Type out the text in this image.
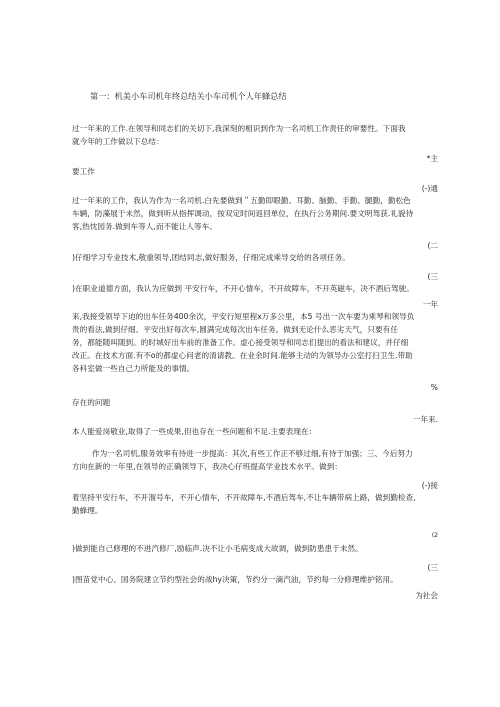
第一：机美小车司机年终总结关小车司机个人年蜂总结
过一年来的工作.在领导和同志们的关切下,我深刻的相识到作为一名司机工作责任的审要性。下面我
就今年的工作做以下总结：
*主
要工作
(-)通
过一年来的工作，我认为作为一名司机.白先要做到＂五勤即眼勤、耳勤、脑勤、手勤、腿勤，勤松色
车辆，防藻展于未然，做到听从指挥调动，按双定时间返回单位，在执行公务期间.要文明驾获.礼貌待
客,热忱园务.做到车等人,而不能让人等车。
(二
)仔细学习专业技术,敬重领导,团结同志,做好服务，仔细完成乘导交给的各项任务。
(三
)在职业道德方面，我认为应做到 平安行车，不开心情车，不开故障车，不开英磁车，决不酒后驾驶。
一年
来,我接受领导下迫的出车任务400余次，平安行短里程x万多公里，本5 号出一次车要为乘琴和领导负
贵的看法,做到仔细、平安出好每次车,圆满完成每次出车任务。做到无论什么恶劣天气，只要有任
务，都能随叫随到。的时城好出车前的准备工作。虚心接受领导和同志们提出的看法和建议，并仔细
改正。在技术方面.有不o的都虚心问老的清请教。在业余时间.能够主动的为领导办公室打扫卫生.带助
各科室做一些自己力所能及的事情。
%
存在的问题
一年来.
本人能爱岗敬业,取得了一些成果,但也存在一些问题和不足.主要表现在：
作为一名司机,服务效率有待进一步提高：其次,有些工作正不够过细,有待于加强；三、今后努力
方向在新的一年里,在领导的正确领导下，我决心仔班提高学业技术水平。做到：
(-)接
着坚持平安行车，不开溜号车，不开心情车，不开故障车,不酒后驾车,不让车辆带病上路，做到勤检查,
勤蜂理。
(2
)做到能自己修理的不进汽修厂,励临声.决不让小毛病变成大故调，做到防患患于未然。
(三
)图苗党中心、国务院建立节约型社会的战hy决策，节约分一滴汽油，节约每一分修理维护铭用。
为社会
